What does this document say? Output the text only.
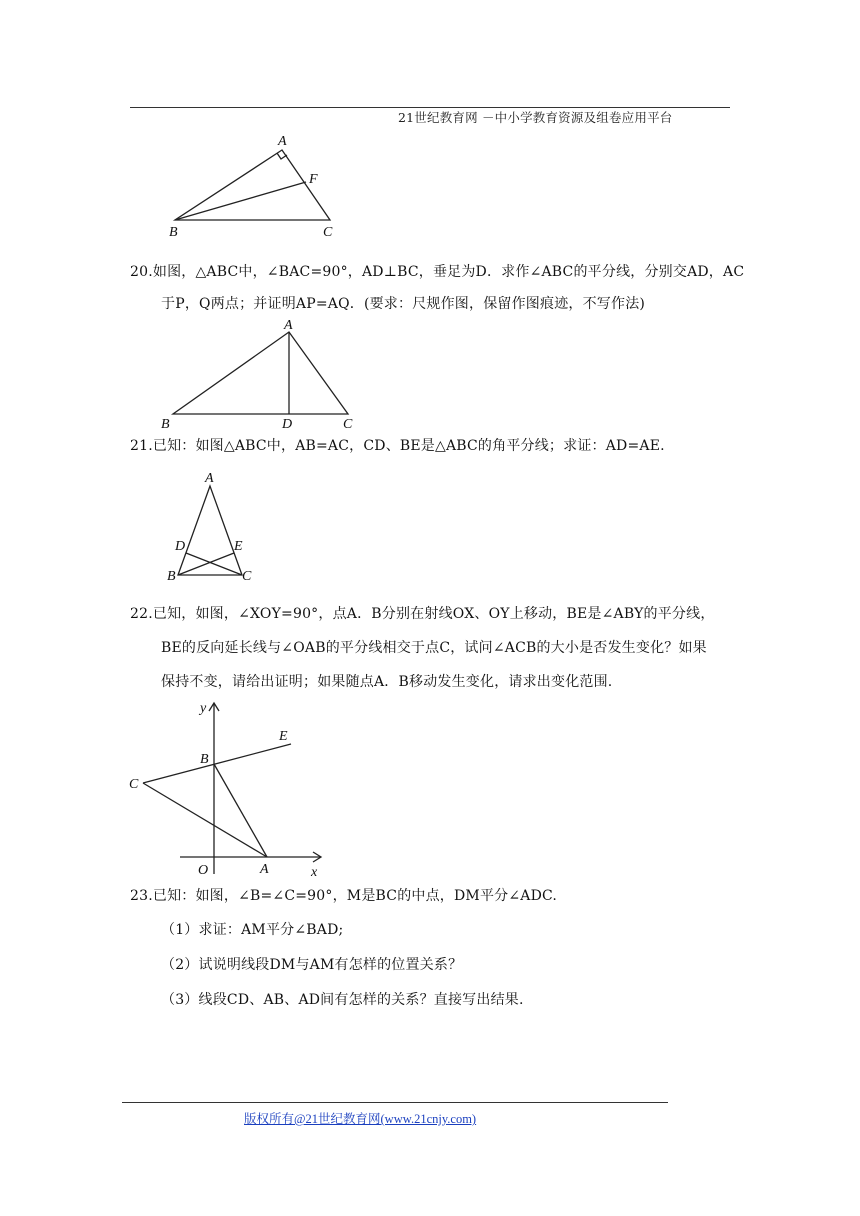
21世纪教育网 －中小学教育资源及组卷应用平台
A
F
B	C
20.如图，△ABC中，∠BAC=90°，AD⊥BC，垂足为D．求作∠ABC的平分线，分别交AD，AC
于P，Q两点；并证明AP=AQ．(要求：尺规作图，保留作图痕迹，不写作法)
A
B	D	C
21.已知：如图△ABC中，AB=AC，CD、BE是△ABC的角平分线；求证：AD=AE.
A
D	E
B	C
22.已知，如图，∠XOY=90°，点A．B分别在射线OX、OY上移动，BE是∠ABY的平分线，
BE的反向延长线与∠OAB的平分线相交于点C，试问∠ACB的大小是否发生变化？如果
保持不变，请给出证明；如果随点A．B移动发生变化，请求出变化范围.
y
E
B
C
O	A	x
23.已知：如图，∠B=∠C=90°，M是BC的中点，DM平分∠ADC.
（1）求证：AM平分∠BAD;
（2）试说明线段DM与AM有怎样的位置关系？
（3）线段CD、AB、AD间有怎样的关系？直接写出结果.
版权所有@21世纪教育网(www.21cnjy.com)
